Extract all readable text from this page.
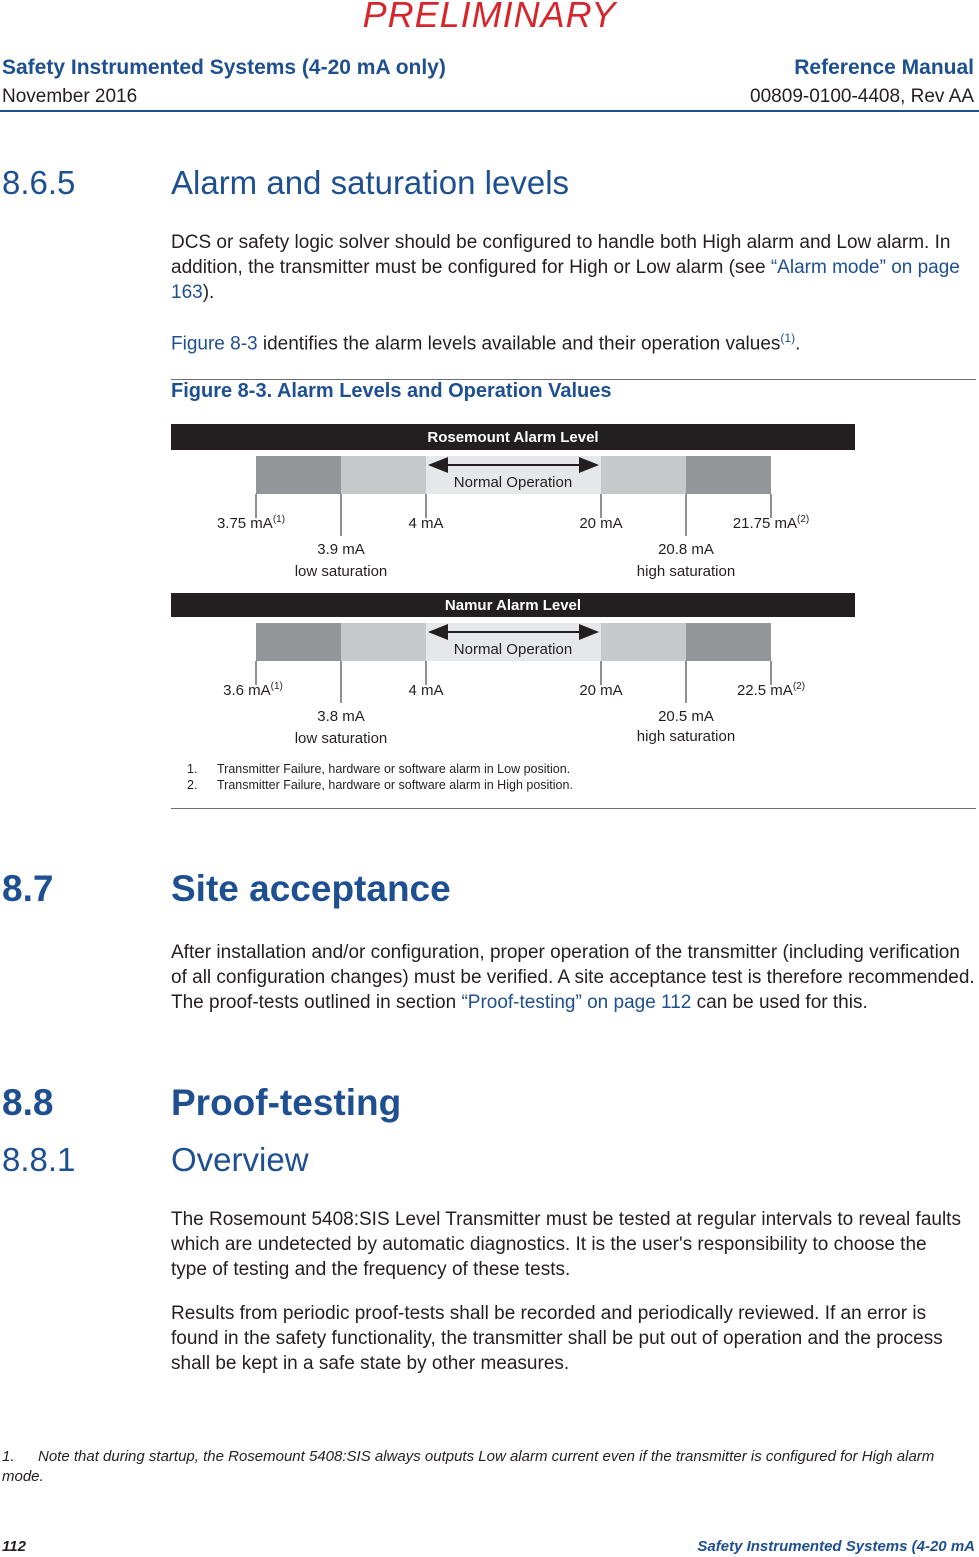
PRELIMINARY
Safety Instrumented Systems (4-20 mA only)
November 2016
Reference Manual
00809-0100-4408, Rev AA
8.6.5	Alarm and saturation levels
DCS or safety logic solver should be configured to handle both High alarm and Low alarm. In addition, the transmitter must be configured for High or Low alarm (see “Alarm mode” on page 163).
Figure 8-3 identifies the alarm levels available and their operation values$^{(1)}$.
Figure 8-3. Alarm Levels and Operation Values
Rosemount Alarm Level
Normal Operation
3.75 $mA^{(1)}$	4 mA	20 mA	21.75 $mA^{(2)}$
3.9 mA
low saturation
20.8 mA
high saturation
Namur Alarm Level
Normal Operation
3.6 $mA^{(1)}$	4 mA	20 mA	22.5 $mA^{(2)}$
3.8 mA
low saturation
20.5 mA
high saturation
1. Transmitter Failure, hardware or software alarm in Low position.
2. Transmitter Failure, hardware or software alarm in High position.
8.7	Site acceptance
After installation and/or configuration, proper operation of the transmitter (including verification of all configuration changes) must be verified. A site acceptance test is therefore recommended. The proof-tests outlined in section “Proof-testing” on page 112 can be used for this.
8.8	Proof-testing
8.8.1	Overview
The Rosemount 5408:SIS Level Transmitter must be tested at regular intervals to reveal faults which are undetected by automatic diagnostics. It is the user's responsibility to choose the type of testing and the frequency of these tests.
Results from periodic proof-tests shall be recorded and periodically reviewed. If an error is found in the safety functionality, the transmitter shall be put out of operation and the process shall be kept in a safe state by other measures.
1. Note that during startup, the Rosemount 5408:SIS always outputs Low alarm current even if the transmitter is configured for High alarm mode.
112	Safety Instrumented Systems (4-20 mA
